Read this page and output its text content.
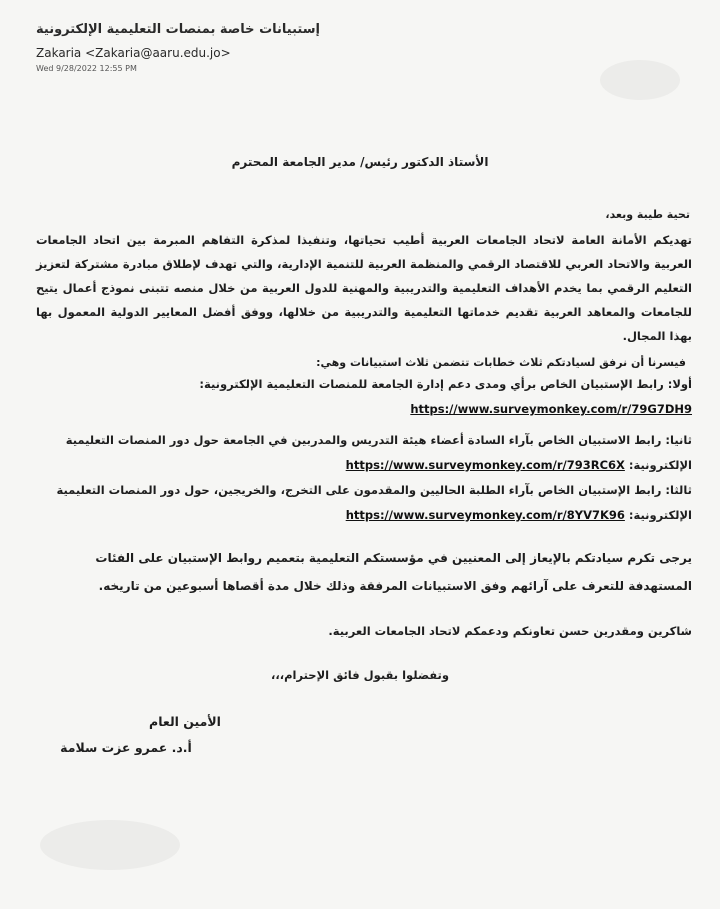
إستبيانات خاصة بمنصات التعليمية الإلكترونية
Zakaria <Zakaria@aaru.edu.jo>
Wed 9/28/2022 12:55 PM
الأستاذ الدكتور رئيس/ مدير الجامعة المحترم
تحية طيبة وبعد،
تهديكم الأمانة العامة لاتحاد الجامعات العربية أطيب تحياتها، وتنفيذا لمذكرة التفاهم المبرمة بين اتحاد الجامعات العربية والاتحاد العربي للاقتصاد الرقمي والمنظمة العربية للتنمية الإدارية، والتي تهدف لإطلاق مبادرة مشتركة لتعزيز التعليم الرقمي بما يخدم الأهداف التعليمية والتدريبية والمهنية للدول العربية من خلال منصه تتبنى نموذج أعمال يتيح للجامعات والمعاهد العربية تقديم خدماتها التعليمية والتدريبية من خلالها، ووفق أفضل المعايير الدولية المعمول بها بهذا المجال.
فيسرنا أن نرفق لسيادتكم ثلاث خطابات تتضمن ثلاث استبيانات وهي:
أولا: رابط الإستبيان الخاص برأي ومدى دعم إدارة الجامعة للمنصات التعليمية الإلكترونية:
https://www.surveymonkey.com/r/79G7DH9
ثانيا: رابط الاستبيان الخاص بآراء السادة أعضاء هيئة التدريس والمدربين في الجامعة حول دور المنصات التعليمية الإلكترونية: https://www.surveymonkey.com/r/793RC6X
ثالثا: رابط الإستبيان الخاص بآراء الطلبة الحاليين والمقدمون على التخرج، والخريجين، حول دور المنصات التعليمية الإلكترونية: https://www.surveymonkey.com/r/8YV7K96
يرجى تكرم سيادتكم بالإيعاز إلى المعنيين في مؤسستكم التعليمية بتعميم روابط الإستبيان على الفئات المستهدفة للتعرف على آرائهم وفق الاستبيانات المرفقة وذلك خلال مدة أقصاها أسبوعين من تاريخه.
شاكرين ومقدرين حسن تعاونكم ودعمكم لاتحاد الجامعات العربية.
وتفضلوا بقبول فائق الإحترام،،،
الأمين العام
أ.د. عمرو عزت سلامة
